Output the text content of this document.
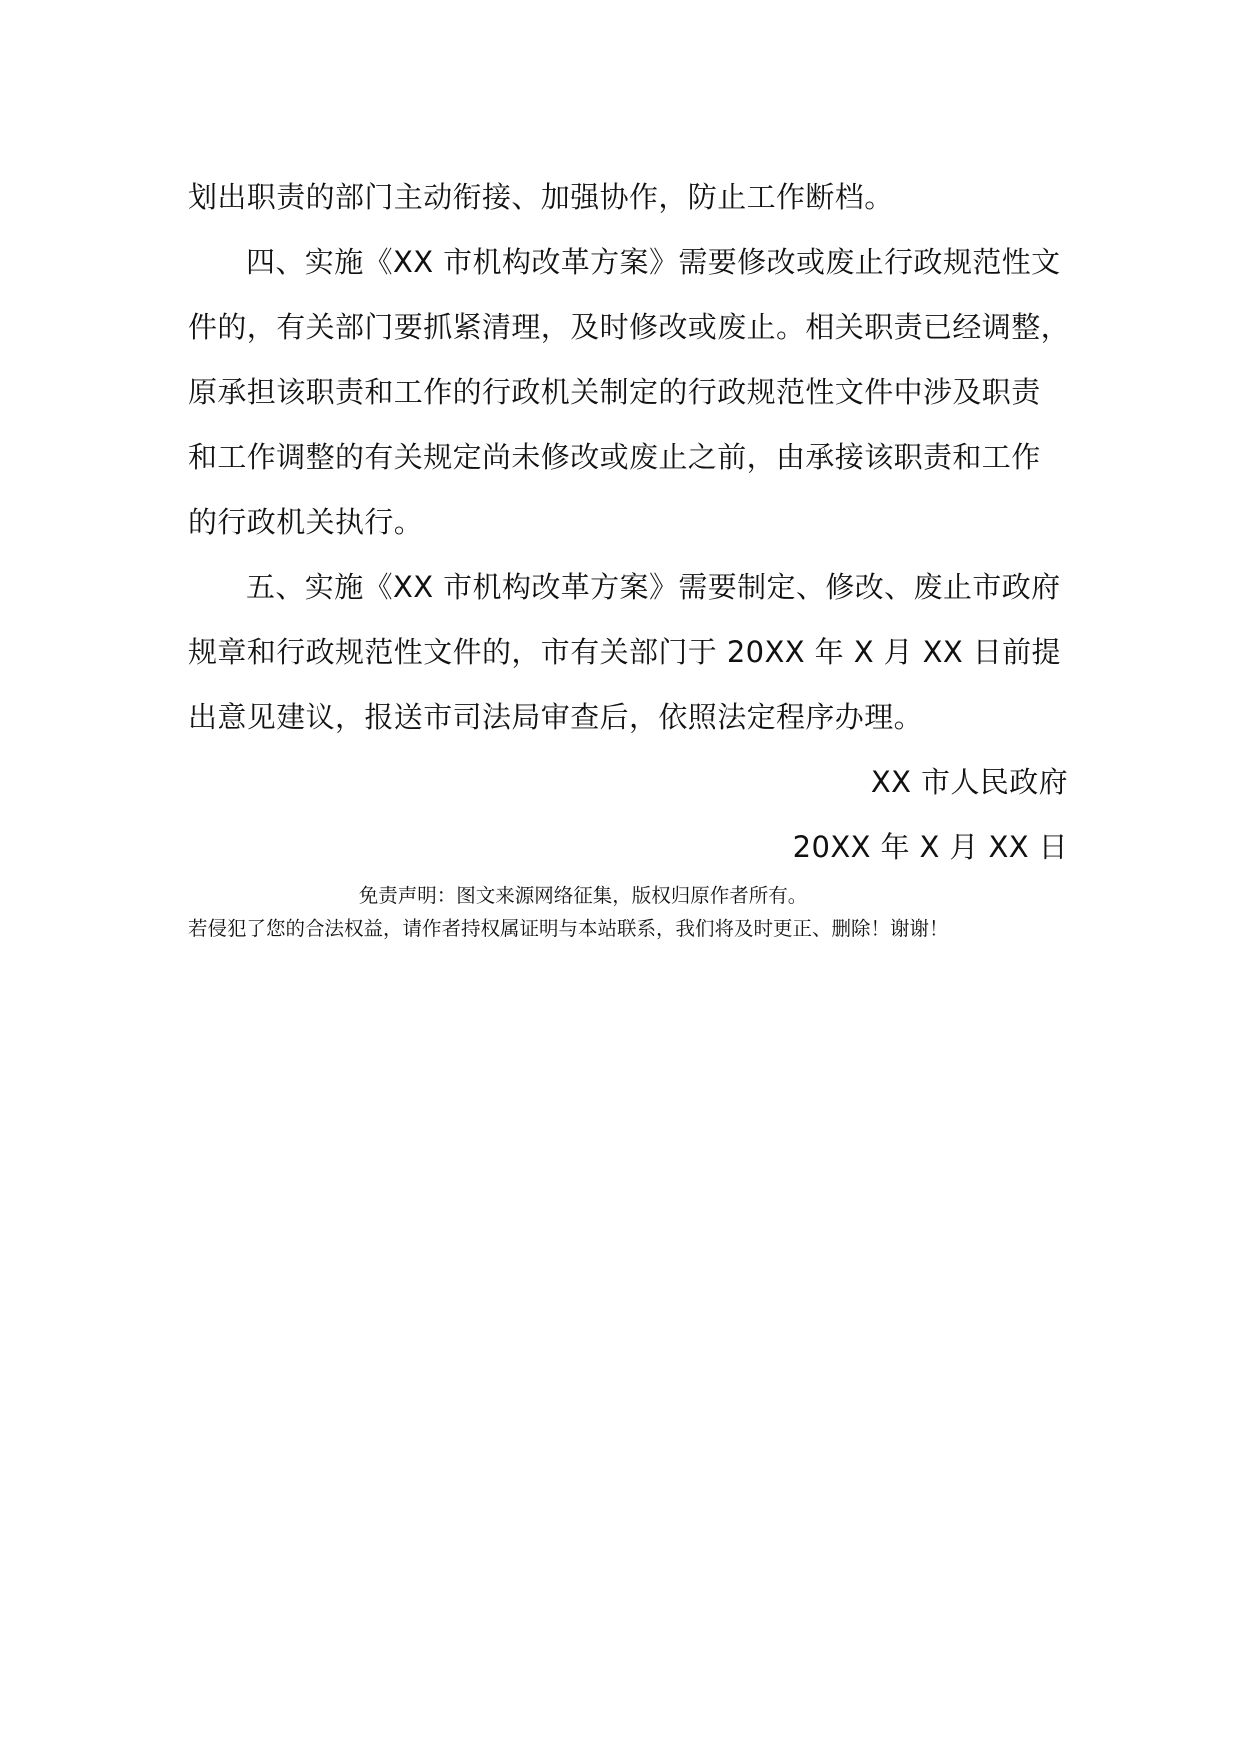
划出职责的部门主动衔接、加强协作，防止工作断档。
四、实施《XX 市机构改革方案》需要修改或废止行政规范性文
件的，有关部门要抓紧清理，及时修改或废止。相关职责已经调整，
原承担该职责和工作的行政机关制定的行政规范性文件中涉及职责
和工作调整的有关规定尚未修改或废止之前，由承接该职责和工作
的行政机关执行。
五、实施《XX 市机构改革方案》需要制定、修改、废止市政府
规章和行政规范性文件的，市有关部门于 20XX 年 X 月 XX 日前提
出意见建议，报送市司法局审查后，依照法定程序办理。
XX 市人民政府
20XX 年 X 月 XX 日
免责声明：图文来源网络征集，版权归原作者所有。
若侵犯了您的合法权益，请作者持权属证明与本站联系，我们将及时更正、删除！谢谢！
